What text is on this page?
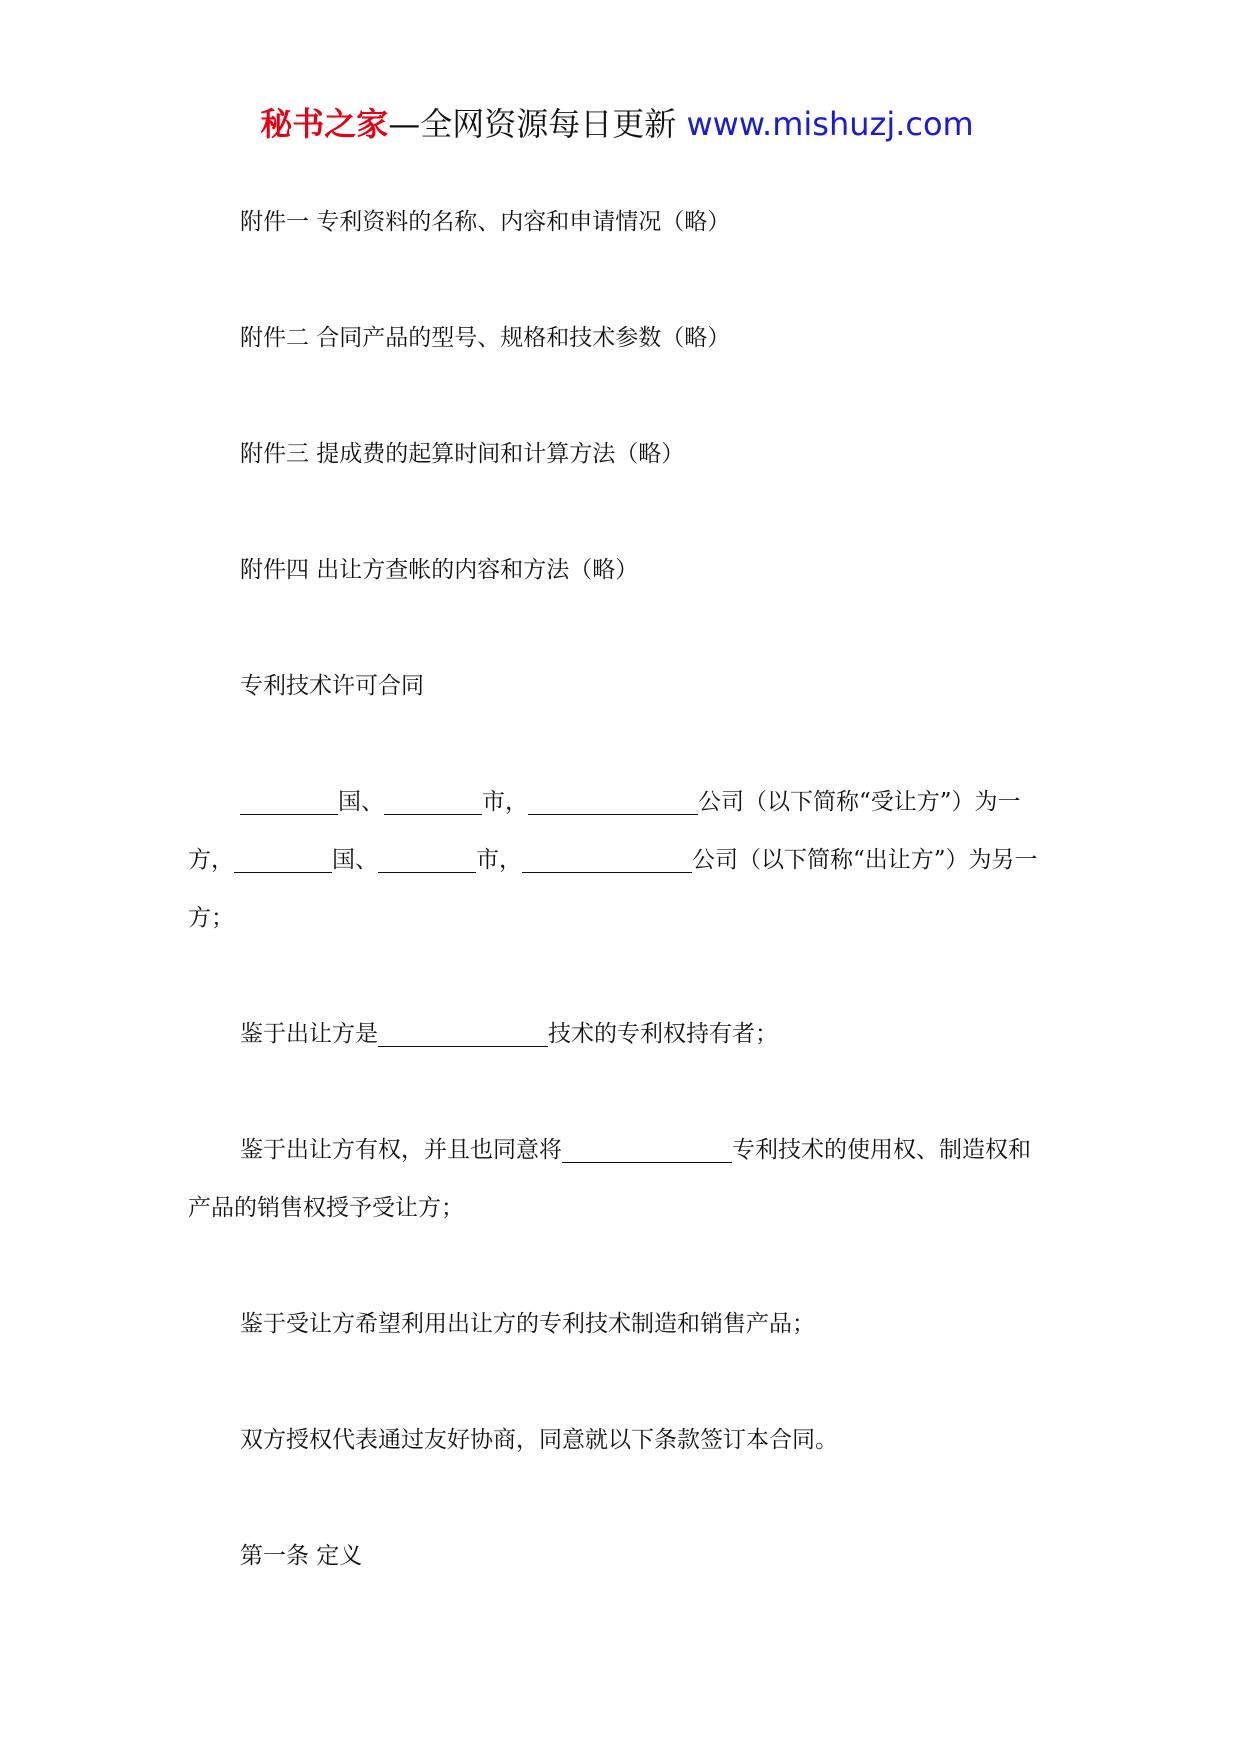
秘书之家—全网资源每日更新 www.mishuzj.com

附件一 专利资料的名称、内容和申请情况（略）

附件二 合同产品的型号、规格和技术参数（略）

附件三 提成费的起算时间和计算方法（略）

附件四 出让方查帐的内容和方法（略）

专利技术许可合同

国、	市，	公司（以下简称“受让方”）为一方，	国、	市，	公司（以下简称“出让方”）为另一方；

鉴于出让方是	技术的专利权持有者；

鉴于出让方有权，并且也同意将	专利技术的使用权、制造权和产品的销售权授予受让方；

鉴于受让方希望利用出让方的专利技术制造和销售产品；

双方授权代表通过友好协商，同意就以下条款签订本合同。

第一条 定义
